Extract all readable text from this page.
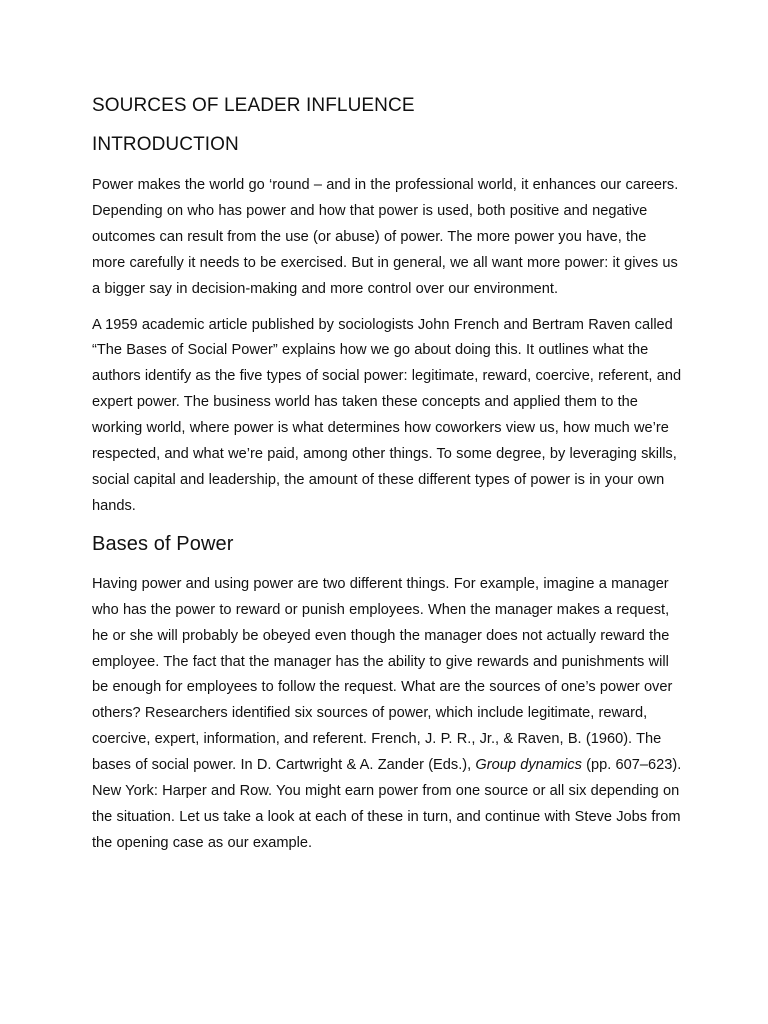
SOURCES OF LEADER INFLUENCE
INTRODUCTION

Power makes the world go ‘round – and in the professional world, it enhances our careers. Depending on who has power and how that power is used, both positive and negative outcomes can result from the use (or abuse) of power. The more power you have, the more carefully it needs to be exercised. But in general, we all want more power: it gives us a bigger say in decision-making and more control over our environment.

A 1959 academic article published by sociologists John French and Bertram Raven called “The Bases of Social Power” explains how we go about doing this. It outlines what the authors identify as the five types of social power: legitimate, reward, coercive, referent, and expert power. The business world has taken these concepts and applied them to the working world, where power is what determines how coworkers view us, how much we’re respected, and what we’re paid, among other things. To some degree, by leveraging skills, social capital and leadership, the amount of these different types of power is in your own hands.

Bases of Power

Having power and using power are two different things. For example, imagine a manager who has the power to reward or punish employees. When the manager makes a request, he or she will probably be obeyed even though the manager does not actually reward the employee. The fact that the manager has the ability to give rewards and punishments will be enough for employees to follow the request. What are the sources of one’s power over others? Researchers identified six sources of power, which include legitimate, reward, coercive, expert, information, and referent. French, J. P. R., Jr., & Raven, B. (1960). The bases of social power. In D. Cartwright & A. Zander (Eds.), Group dynamics (pp. 607–623). New York: Harper and Row. You might earn power from one source or all six depending on the situation. Let us take a look at each of these in turn, and continue with Steve Jobs from the opening case as our example.
